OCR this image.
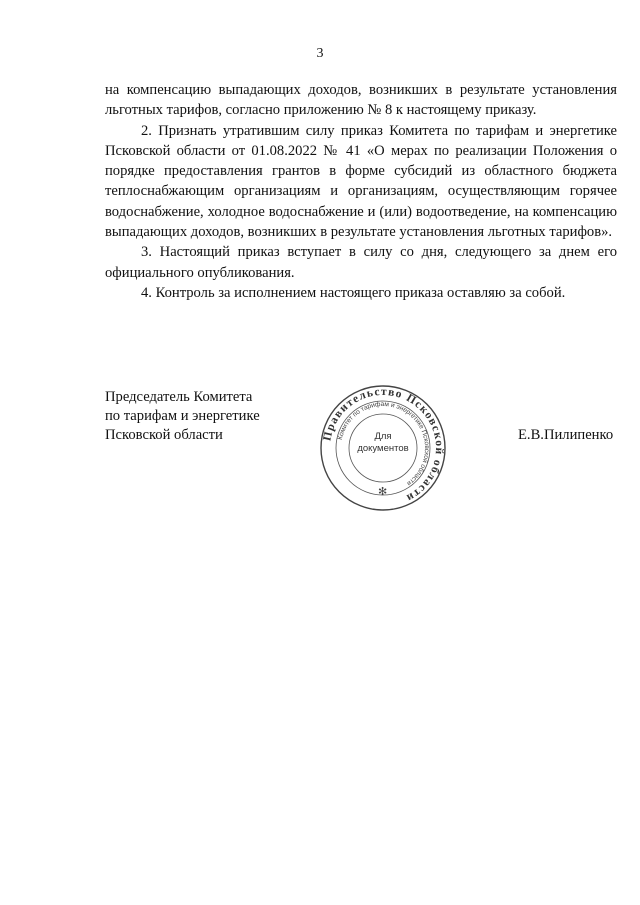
3

на компенсацию выпадающих доходов, возникших в результате установления льготных тарифов, согласно приложению № 8 к настоящему приказу.

2. Признать утратившим силу приказ Комитета по тарифам и энергетике Псковской области от 01.08.2022 № 41 «О мерах по реализации Положения о порядке предоставления грантов в форме субсидий из областного бюджета теплоснабжающим организациям и организациям, осуществляющим горячее водоснабжение, холодное водоснабжение и (или) водоотведение, на компенсацию выпадающих доходов, возникших в результате установления льготных тарифов».

3. Настоящий приказ вступает в силу со дня, следующего за днем его официального опубликования.

4. Контроль за исполнением настоящего приказа оставляю за собой.

Председатель Комитета
по тарифам и энергетике
Псковской области	Правительство Псковской области
Комитет по тарифам и энергетике Псковской области
✻
Для
документов
Е.В.Пилипенко
